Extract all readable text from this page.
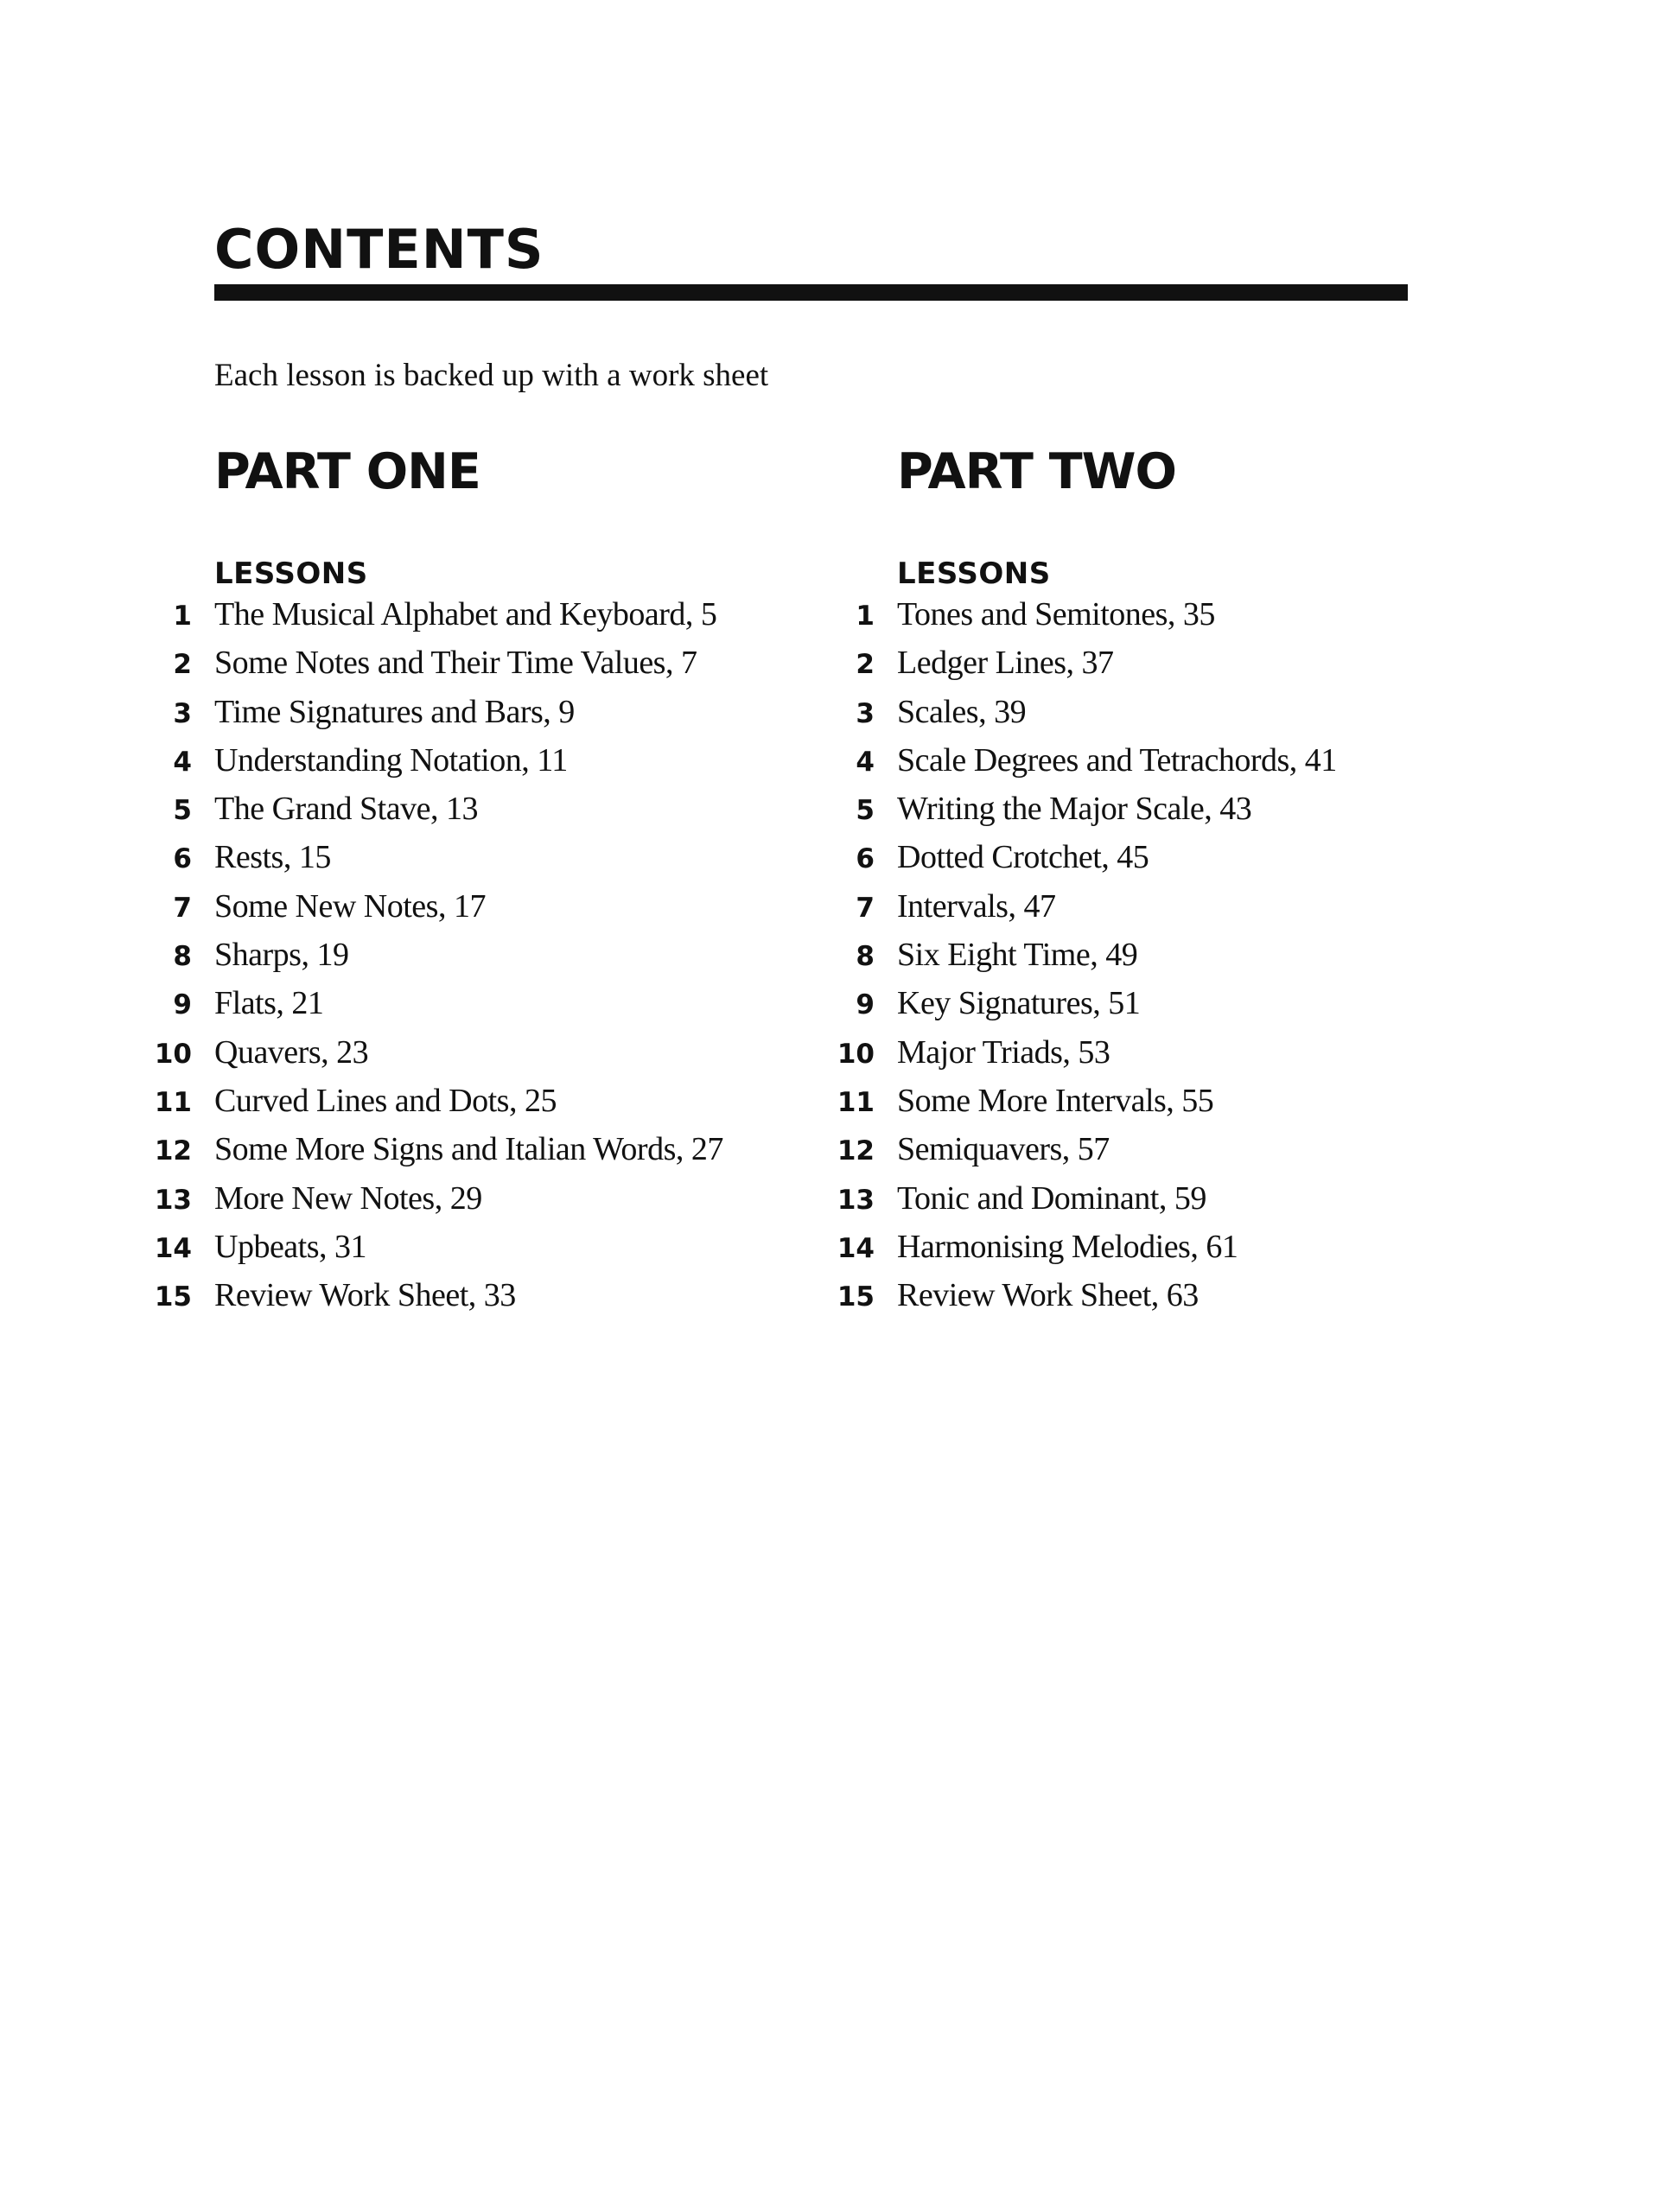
CONTENTS

Each lesson is backed up with a work sheet

PART ONE
LESSONS
1 The Musical Alphabet and Keyboard, 5
2 Some Notes and Their Time Values, 7
3 Time Signatures and Bars, 9
4 Understanding Notation, 11
5 The Grand Stave, 13
6 Rests, 15
7 Some New Notes, 17
8 Sharps, 19
9 Flats, 21
10 Quavers, 23
11 Curved Lines and Dots, 25
12 Some More Signs and Italian Words, 27
13 More New Notes, 29
14 Upbeats, 31
15 Review Work Sheet, 33
PART TWO
LESSONS
1 Tones and Semitones, 35
2 Ledger Lines, 37
3 Scales, 39
4 Scale Degrees and Tetrachords, 41
5 Writing the Major Scale, 43
6 Dotted Crotchet, 45
7 Intervals, 47
8 Six Eight Time, 49
9 Key Signatures, 51
10 Major Triads, 53
11 Some More Intervals, 55
12 Semiquavers, 57
13 Tonic and Dominant, 59
14 Harmonising Melodies, 61
15 Review Work Sheet, 63
